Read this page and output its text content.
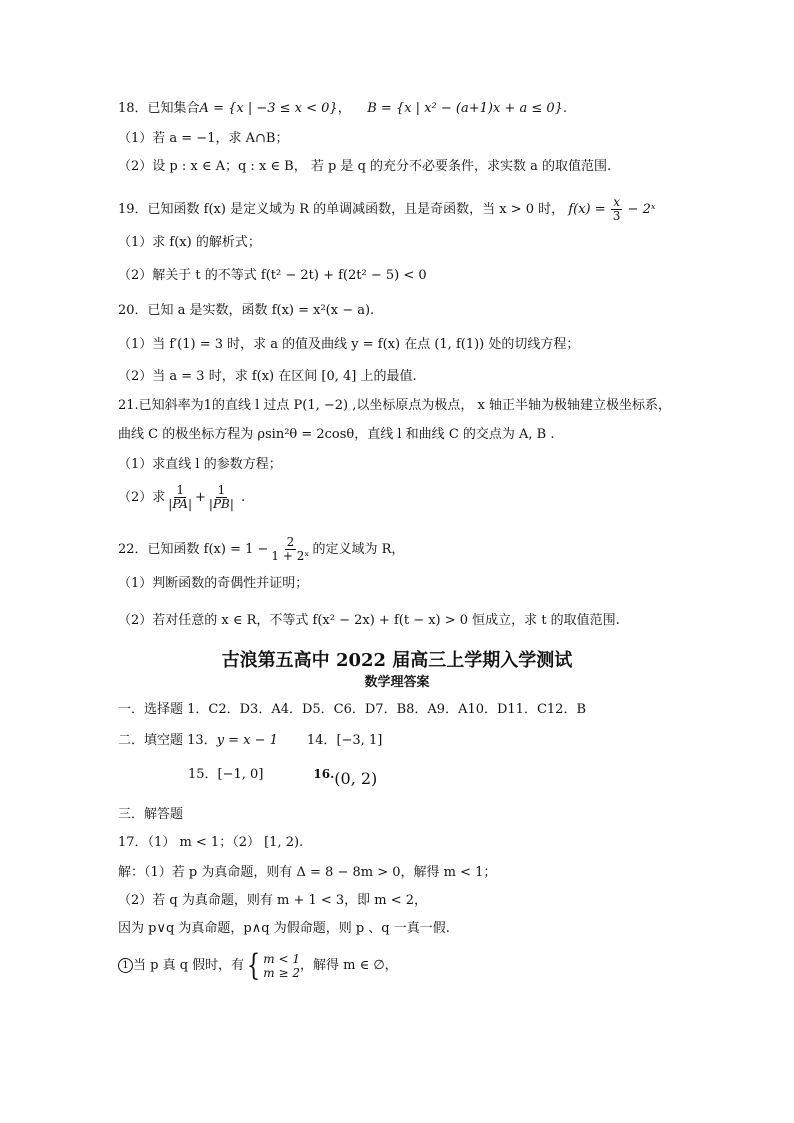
18．已知集合A = {x | −3 ≤ x < 0}，    B = {x | x² − (a+1)x + a ≤ 0}.
（1）若 a = −1，求 A∩B；
（2）设 p : x ∈ A；q : x ∈ B， 若 p 是 q 的充分不必要条件，求实数 a 的取值范围.
19．已知函数 f(x) 是定义域为 R 的单调减函数，且是奇函数，当 x > 0 时， $f(x) = \frac{x}{3}$ − 2ˣ
（1）求 f(x) 的解析式；
（2）解关于 t 的不等式 f(t² − 2t) + f(2t² − 5) < 0
20．已知 a 是实数，函数 f(x) = x²(x − a).
（1）当 f′(1) = 3 时，求 a 的值及曲线 y = f(x) 在点 (1, f(1)) 处的切线方程；
（2）当 a = 3 时，求 f(x) 在区间 [0, 4] 上的最值.
21.已知斜率为1的直线 l 过点 P(1, −2) ,以坐标原点为极点， x 轴正半轴为极轴建立极坐标系，
曲线 C 的极坐标方程为 ρsin²θ = 2cosθ，直线 l 和曲线 C 的交点为 A, B .
（1）求直线 l 的参数方程；
（2）求 $\frac{1}{|PA|} + \frac{1}{|PB|}$ .
22．已知函数 $f(x) = 1 - \frac{2}{\text{1 + 2ˣ}}$ 的定义域为 R，
（1）判断函数的奇偶性并证明；
（2）若对任意的 x ∈ R，不等式 f(x² − 2x) + f(t − x) > 0 恒成立，求 t 的取值范围.
古浪第五高中 2022 届高三上学期入学测试
数学理答案
一．选择题 1．C2．D3．A4．D5．C6．D7．B8．A9．A10．D11．C12．B
二．填空题 13．y = x − 1 14．[−3, 1]
15．[−1, 0]	16.(0, 2)
三．解答题
17．（1） m < 1；（2） [1, 2).
解：（1）若 p 为真命题，则有 Δ = 8 − 8m > 0，解得 m < 1；
（2）若 q 为真命题，则有 m + 1 < 3，即 m < 2，
因为 p∨q 为真命题，p∧q 为假命题，则 p 、q 一真一假.
1 当 p 真 q 假时，有{ m < 1
m ≥ 2 ，解得 m ∈ ∅，
